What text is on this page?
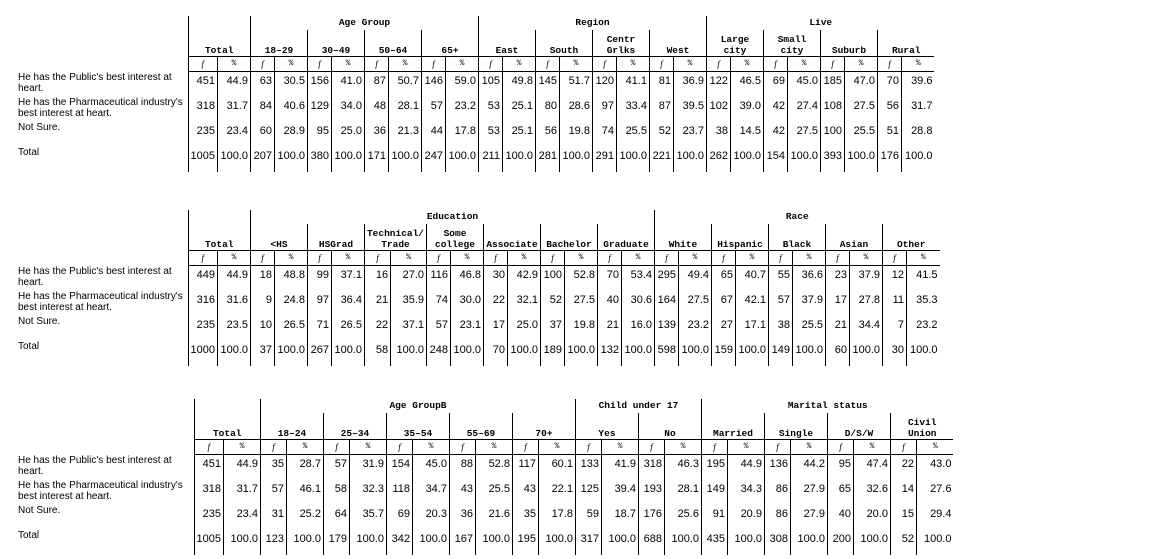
			Age Group								Region								Live							
	Total		18–29		30–49		50–64		65+		East		South		Centr Grlks		West		Large city		Small city		Suburb		Rural	
	f	%	f	%	f	%	f	%	f	%	f	%	f	%	f	%	f	%	f	%	f	%	f	%	f	%
He has the Public's best interest at heart.	451	44.9	63	30.5	156	41.0	87	50.7	146	59.0	105	49.8	145	51.7	120	41.1	81	36.9	122	46.5	69	45.0	185	47.0	70	39.6
He has the Pharmaceutical industry's best interest at heart.	318	31.7	84	40.6	129	34.0	48	28.1	57	23.2	53	25.1	80	28.6	97	33.4	87	39.5	102	39.0	42	27.4	108	27.5	56	31.7
Not Sure.	235	23.4	60	28.9	95	25.0	36	21.3	44	17.8	53	25.1	56	19.8	74	25.5	52	23.7	38	14.5	42	27.5	100	25.5	51	28.8
Total	1005	100.0	207	100.0	380	100.0	171	100.0	247	100.0	211	100.0	281	100.0	291	100.0	221	100.0	262	100.0	154	100.0	393	100.0	176	100.0
			Education														Race									
	Total		<HS		HSGrad		Technical/ Trade		Some college		Associate		Bachelor		Graduate		White		Hispanic		Black		Asian		Other	
	f	%	f	%	f	%	f	%	f	%	f	%	f	%	f	%	f	%	f	%	f	%	f	%	f	%
He has the Public's best interest at heart.	449	44.9	18	48.8	99	37.1	16	27.0	116	46.8	30	42.9	100	52.8	70	53.4	295	49.4	65	40.7	55	36.6	23	37.9	12	41.5
He has the Pharmaceutical industry's best interest at heart.	316	31.6	9	24.8	97	36.4	21	35.9	74	30.0	22	32.1	52	27.5	40	30.6	164	27.5	67	42.1	57	37.9	17	27.8	11	35.3
Not Sure.	235	23.5	10	26.5	71	26.5	22	37.1	57	23.1	17	25.0	37	19.8	21	16.0	139	23.2	27	17.1	38	25.5	21	34.4	7	23.2
Total	1000	100.0	37	100.0	267	100.0	58	100.0	248	100.0	70	100.0	189	100.0	132	100.0	598	100.0	159	100.0	149	100.0	60	100.0	30	100.0
			Age GroupB										Child under 17				Marital status							
	Total		18–24		25–34		35–54		55–69		70+		Yes		No		Married		Single		D/S/W		Civil Union	
	f	%	f	%	f	%	f	%	f	%	f	%	f	%	f	%	f	%	f	%	f	%	f	%
He has the Public's best interest at heart.	451	44.9	35	28.7	57	31.9	154	45.0	88	52.8	117	60.1	133	41.9	318	46.3	195	44.9	136	44.2	95	47.4	22	43.0
He has the Pharmaceutical industry's best interest at heart.	318	31.7	57	46.1	58	32.3	118	34.7	43	25.5	43	22.1	125	39.4	193	28.1	149	34.3	86	27.9	65	32.6	14	27.6
Not Sure.	235	23.4	31	25.2	64	35.7	69	20.3	36	21.6	35	17.8	59	18.7	176	25.6	91	20.9	86	27.9	40	20.0	15	29.4
Total	1005	100.0	123	100.0	179	100.0	342	100.0	167	100.0	195	100.0	317	100.0	688	100.0	435	100.0	308	100.0	200	100.0	52	100.0
